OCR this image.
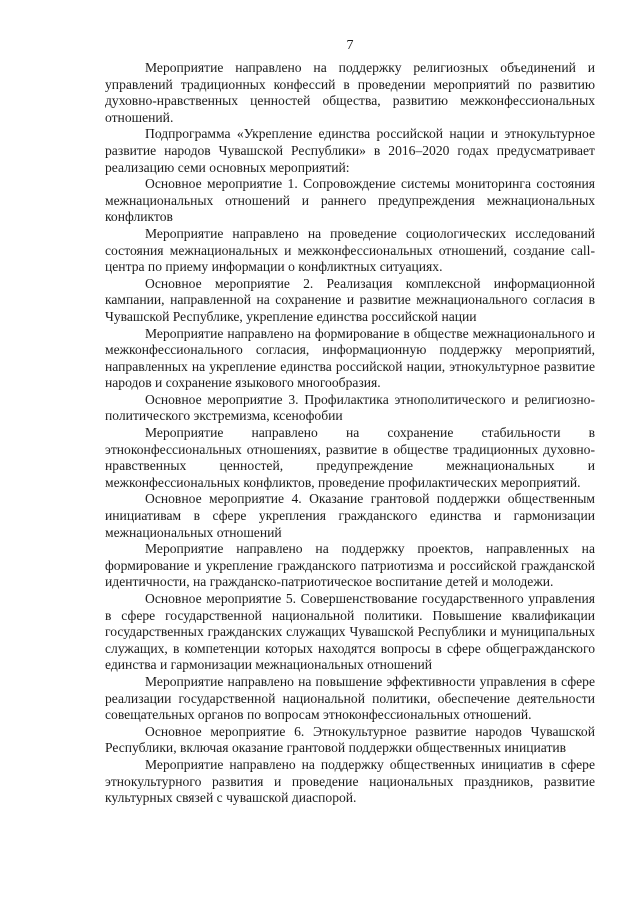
7

Мероприятие направлено на поддержку религиозных объединений и управлений традиционных конфессий в проведении мероприятий по развитию духовно-нравственных ценностей общества, развитию межконфессиональных отношений.

Подпрограмма «Укрепление единства российской нации и этнокультурное развитие народов Чувашской Республики» в 2016–2020 годах предусматривает реализацию семи основных мероприятий:

Основное мероприятие 1. Сопровождение системы мониторинга состояния межнациональных отношений и раннего предупреждения межнациональных конфликтов

Мероприятие направлено на проведение социологических исследований состояния межнациональных и межконфессиональных отношений, создание call-центра по приему информации о конфликтных ситуациях.

Основное мероприятие 2. Реализация комплексной информационной кампании, направленной на сохранение и развитие межнационального согласия в Чувашской Республике, укрепление единства российской нации

Мероприятие направлено на формирование в обществе межнационального и межконфессионального согласия, информационную поддержку мероприятий, направленных на укрепление единства российской нации, этнокультурное развитие народов и сохранение языкового многообразия.

Основное мероприятие 3. Профилактика этнополитического и религиозно-политического экстремизма, ксенофобии

Мероприятие направлено на сохранение стабильности в этноконфессиональных отношениях, развитие в обществе традиционных духовно-нравственных ценностей, предупреждение межнациональных и межконфессиональных конфликтов, проведение профилактических мероприятий.

Основное мероприятие 4. Оказание грантовой поддержки общественным инициативам в сфере укрепления гражданского единства и гармонизации межнациональных отношений

Мероприятие направлено на поддержку проектов, направленных на формирование и укрепление гражданского патриотизма и российской гражданской идентичности, на гражданско-патриотическое воспитание детей и молодежи.

Основное мероприятие 5. Совершенствование государственного управления в сфере государственной национальной политики. Повышение квалификации государственных гражданских служащих Чувашской Республики и муниципальных служащих, в компетенции которых находятся вопросы в сфере общегражданского единства и гармонизации межнациональных отношений

Мероприятие направлено на повышение эффективности управления в сфере реализации государственной национальной политики, обеспечение деятельности совещательных органов по вопросам этноконфессиональных отношений.

Основное мероприятие 6. Этнокультурное развитие народов Чувашской Республики, включая оказание грантовой поддержки общественных инициатив

Мероприятие направлено на поддержку общественных инициатив в сфере этнокультурного развития и проведение национальных праздников, развитие культурных связей с чувашской диаспорой.
